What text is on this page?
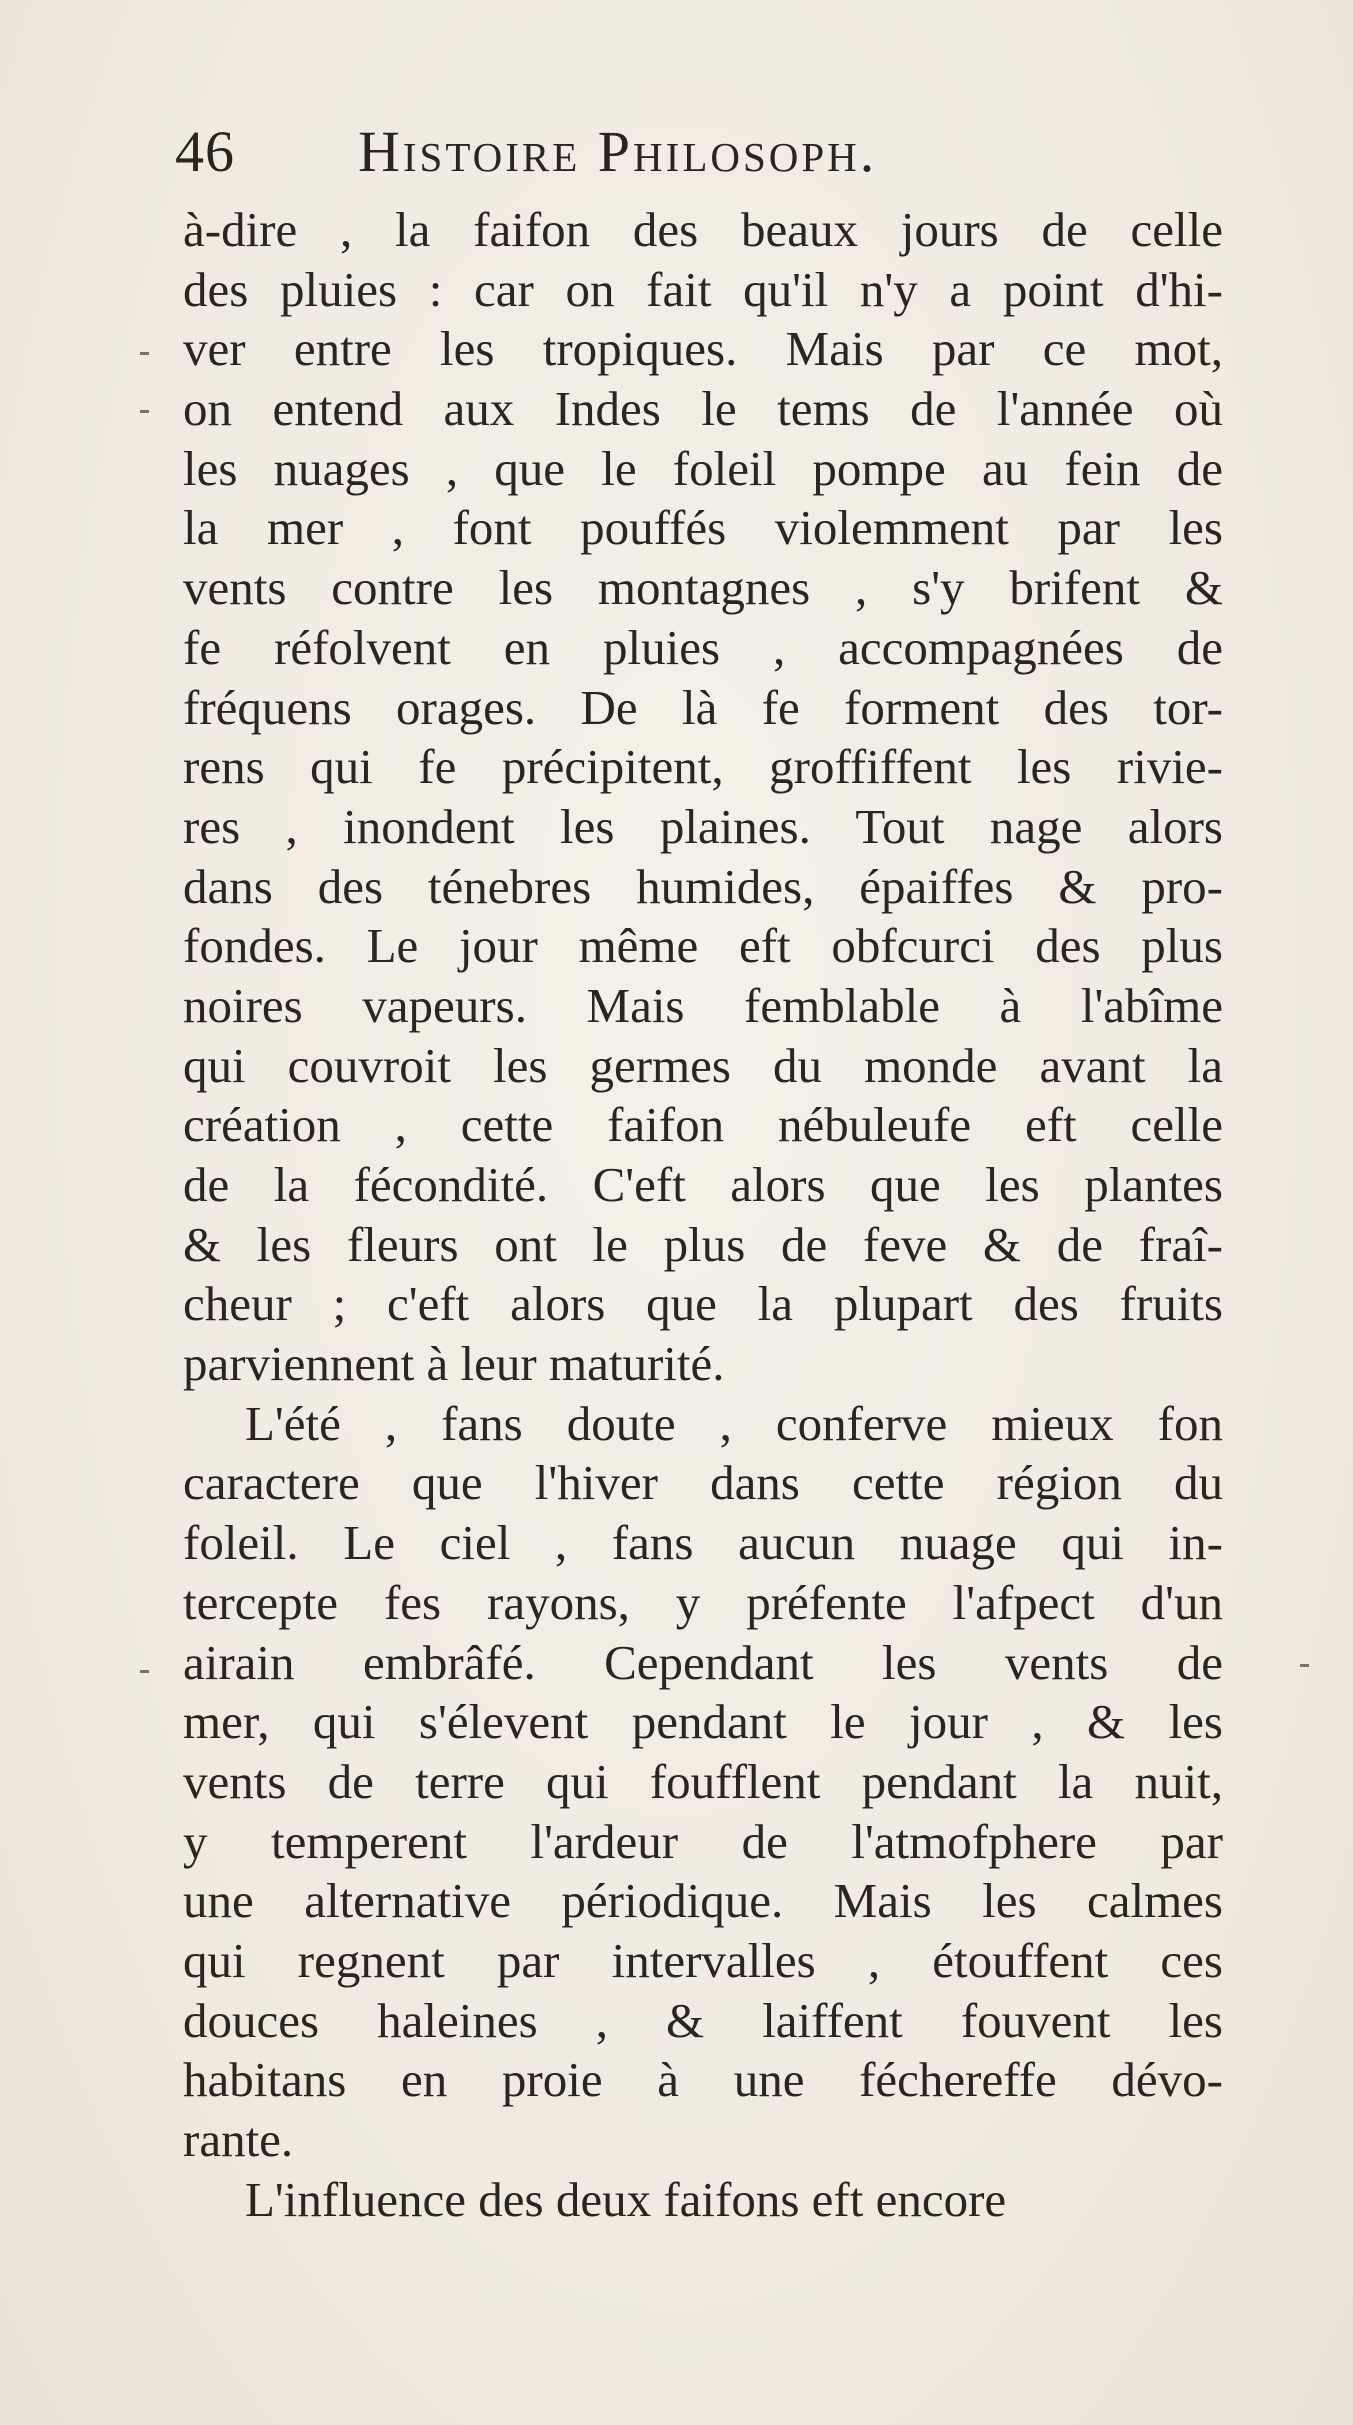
46 Histoire Philosoph.
à-dire , la faifon des beaux jours de celle
des pluies : car on fait qu'il n'y a point d'hi-
ver entre les tropiques. Mais par ce mot,
on entend aux Indes le tems de l'année où
les nuages , que le foleil pompe au fein de
la mer , font pouffés violemment par les
vents contre les montagnes , s'y brifent &
fe réfolvent en pluies , accompagnées de
fréquens orages. De là fe forment des tor-
rens qui fe précipitent, groffiffent les rivie-
res , inondent les plaines. Tout nage alors
dans des ténebres humides, épaiffes & pro-
fondes. Le jour même eft obfcurci des plus
noires vapeurs. Mais femblable à l'abîme
qui couvroit les germes du monde avant la
création , cette faifon nébuleufe eft celle
de la fécondité. C'eft alors que les plantes
& les fleurs ont le plus de feve & de fraî-
cheur ; c'eft alors que la plupart des fruits
parviennent à leur maturité.
L'été , fans doute , conferve mieux fon
caractere que l'hiver dans cette région du
foleil. Le ciel , fans aucun nuage qui in-
tercepte fes rayons, y préfente l'afpect d'un
airain embrâfé. Cependant les vents de
mer, qui s'élevent pendant le jour , & les
vents de terre qui foufflent pendant la nuit,
y temperent l'ardeur de l'atmofphere par
une alternative périodique. Mais les calmes
qui regnent par intervalles , étouffent ces
douces haleines , & laiffent fouvent les
habitans en proie à une féchereffe dévo-
rante.
L'influence des deux faifons eft encore
